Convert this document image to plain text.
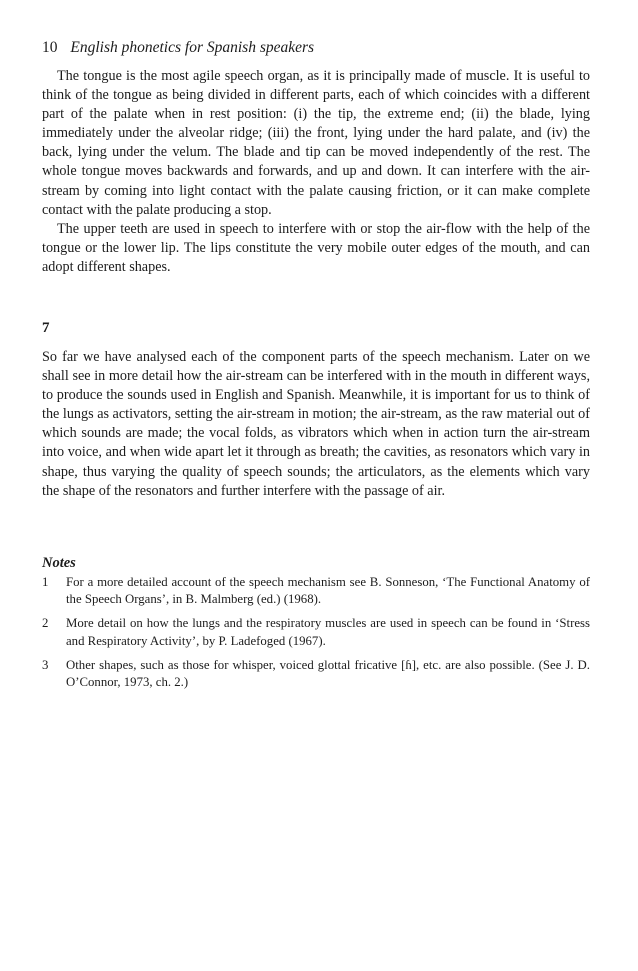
10 English phonetics for Spanish speakers

The tongue is the most agile speech organ, as it is principally made of muscle. It is useful to think of the tongue as being divided in different parts, each of which coincides with a different part of the palate when in rest position: (i) the tip, the extreme end; (ii) the blade, lying immediately under the alveolar ridge; (iii) the front, lying under the hard palate, and (iv) the back, lying under the velum. The blade and tip can be moved independently of the rest. The whole tongue moves backwards and forwards, and up and down. It can interfere with the air-stream by coming into light contact with the palate causing friction, or it can make complete contact with the palate producing a stop.

The upper teeth are used in speech to interfere with or stop the air-flow with the help of the tongue or the lower lip. The lips constitute the very mobile outer edges of the mouth, and can adopt different shapes.

7

So far we have analysed each of the component parts of the speech mechanism. Later on we shall see in more detail how the air-stream can be interfered with in the mouth in different ways, to produce the sounds used in English and Spanish. Meanwhile, it is important for us to think of the lungs as activators, setting the air-stream in motion; the air-stream, as the raw material out of which sounds are made; the vocal folds, as vibrators which when in action turn the air-stream into voice, and when wide apart let it through as breath; the cavities, as resonators which vary in shape, thus varying the quality of speech sounds; the articulators, as the elements which vary the shape of the resonators and further interfere with the passage of air.

Notes
1	For a more detailed account of the speech mechanism see B. Sonneson, ‘The Functional Anatomy of the Speech Organs’, in B. Malmberg (ed.) (1968).
2	More detail on how the lungs and the respiratory muscles are used in speech can be found in ‘Stress and Respiratory Activity’, by P. Ladefoged (1967).
3	Other shapes, such as those for whisper, voiced glottal fricative [ɦ], etc. are also possible. (See J. D. O’Connor, 1973, ch. 2.)
